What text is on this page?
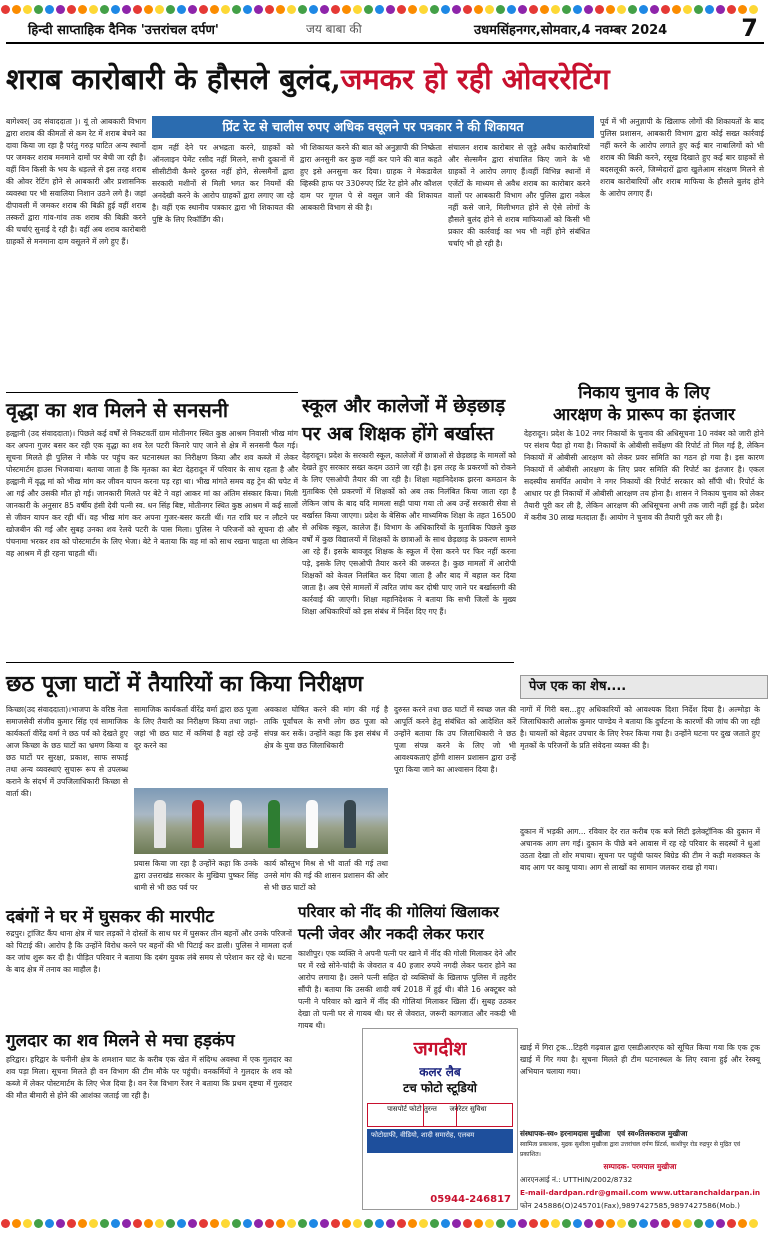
हिन्दी साप्ताहिक दैनिक 'उत्तरांचल दर्पण'	जय बाबा की	उधमसिंहनगर,सोमवार,4 नवम्बर 2024	7
शराब कारोबारी के हौसले बुलंद,जमकर हो रही ओवररेटिंग
प्रिंट रेट से चालीस रुपए अधिक वसूलने पर पत्रकार ने की शिकायत
बागेश्वर( उद संवाददाता )। यूं तो आबकारी विभाग द्वारा शराब की कीमतों से कम रेट में शराब बेचने का दावा किया जा रहा है परंतु गरुड़ घाटित अन्य स्थानों पर जमकर शराब मनमाने दामों पर बेची जा रही है।वहीं विन किसी के भय के धड़ल्ले से इस तरह शराब की ओवर रेटिंग होने से आबकारी और प्रशासनिक व्यवस्था पर भी सवालिया निशान उठने लगे है। जहां दीपावली में जमकर शराब की बिक्री हुई वहीं शराब तस्करों द्वारा गांव-गांव तक शराब की बिक्री करने की चर्चाएं सुनाई दे रही है। वहीं अब शराब कारोबारी ग्राहकों से मनमाना दाम वसूलने में लगे हुए हैं।
दाम नहीं देने पर अभद्रता करने, ग्राहकों को ऑनलाइन पेमेंट रसीद नहीं मिलने, सभी दुकानों में सीसीटीवी कैमरे दुरुस्त नहीं होने, सेल्समैनों द्वारा सरकारी मशीनों से मिली भगत कर नियमों की अनदेखी करने के आरोप ग्राहकों द्वारा लगाए जा रहे है। वहीं एक स्थानीय पत्रकार द्वारा भी शिकायत की पुष्टि के लिए रिकॉर्डिंग की।
भी शिकायत करने की बात को अनुज्ञापी की निष्क्रेता द्वारा अनसुनी कर कुछ नहीं कर पाने की बात कहते हुए इसे अनसुना कर दिया। ग्राहक ने मेकडावेल व्हिस्की हाफ पर 330रुपए प्रिंट रेट होने और कौशल दाम पर गूगल पे से वसूल जाने की शिकायत आबकारी विभाग से की है।
संचालन शराब कारोबार से जुड़े अवैध कारोबारियों और सेल्समैन द्वारा संचालित किए जाने के भी ग्राहकों ने आरोप लगाए हैं।वहीं विभिन्न स्थानों में एजेंटों के माध्यम से अवैध शराब का कारोबार करने वालों पर आबकारी विभाग और पुलिस द्वारा नकेल नहीं कसे जाने, मिलीभगत होने से ऐसे लोगों के हौसले बुलंद होने से शराब माफियाओं को किसी भी प्रकार की कार्रवाई का भय भी नहीं होने संबंधित चर्चाएं भी हो रही है।
पूर्व में भी अनुज्ञापी के खिलाफ लोगों की शिकायतों के बाद पुलिस प्रशासन, आबकारी विभाग द्वारा कोई सख्त कार्रवाई नहीं करने के आरोप लगाते हुए कई बार नाबालिगों को भी शराब की बिक्री करने, रसूख दिखाते हुए कई बार ग्राहकों से बदसलूकी करने, जिम्मेदारों द्वारा खुलेआम संरक्षण मिलने से शराब कारोबारियों और शराब माफिया के हौसले बुलंद होने के आरोप लगाए हैं।
वृद्धा का शव मिलने से सनसनी
हल्द्वानी (उद संवाददाता)। पिछले कई वर्षों से निकटवर्ती ग्राम मोतीनगर स्थित कुष्ठ आश्रम निवासी भीख मांग कर अपना गुजर बसर कर रही एक वृद्धा का शव रेल पटरी किनारे पाए जाने से क्षेत्र में सनसनी फैल गई। सूचना मिलते ही पुलिस ने मौके पर पहुंच कर घटनास्थल का निरीक्षण किया और शव कब्जे में लेकर पोस्टमार्टम हाउस भिजवाया। बताया जाता है कि मृतका का बेटा देहरादून में परिवार के साथ रहता है और हल्द्वानी में वृद्ध मां को भीख मांग कर जीवन यापन करना पड़ रहा था। भीख मांगते समय वह ट्रेन की चपेट में आ गई और उसकी मौत हो गई। जानकारी मिलते पर बेटे ने वहां आकर मां का अंतिम संस्कार किया। मिली जानकारी के अनुसार 85 वर्षीय हंसी देवी पत्नी स्व. धन सिंह बिष्ट, मोतीनगर स्थित कुष्ठ आश्रम में कई सालों से जीवन यापन कर रही थीं। वह भीख मांग कर अपना गुजर-बसर करती थीं। गत रात्रि घर न लौटने पर खोजबीन की गई और सुबह उनका शव रेलवे पटरी के पास मिला। पुलिस ने परिजनों को सूचना दी और पंचनामा भरकर शव को पोस्टमार्टम के लिए भेजा। बेटे ने बताया कि वह मां को साथ रखना चाहता था लेकिन वह आश्रम में ही रहना चाहती थीं।
स्कूल और कालेजों में छेड़छाड़
पर अब शिक्षक होंगे बर्खास्त
देहरादून। प्रदेश के सरकारी स्कूल, कालेजों में छात्राओं से छेड़छाड़ के मामलों को देखते हुए सरकार सख्त कदम उठाने जा रही है। इस तरह के प्रकरणों को रोकने के लिए एसओपी तैयार की जा रही है। शिक्षा महानिदेशक झरना कमठान के मुताबिक ऐसे प्रकरणों में शिक्षकों को अब तक निलंबित किया जाता रहा है लेकिन जांच के बाद यदि मामला सही पाया गया तो अब उन्हें सरकारी सेवा से बर्खास्त किया जाएगा। प्रदेश के बेसिक और माध्यमिक शिक्षा के तहत 16500 से अधिक स्कूल, कालेज हैं। विभाग के अधिकारियों के मुताबिक पिछले कुछ वर्षों में कुछ विद्यालयों में शिक्षकों के छात्राओं के साथ छेड़छाड़ के प्रकरण सामने आ रहे हैं। इसके बावजूद शिक्षक के स्कूल में ऐसा करने पर फिर नहीं करना पड़े, इसके लिए एसओपी तैयार करने की जरूरत है। कुछ मामलों में आरोपी शिक्षकों को केवल निलंबित कर दिया जाता है और बाद में बहाल कर दिया जाता है। अब ऐसे मामलों में त्वरित जांच कर दोषी पाए जाने पर बर्खास्तगी की कार्रवाई की जाएगी। शिक्षा महानिदेशक ने बताया कि सभी जिलों के मुख्य शिक्षा अधिकारियों को इस संबंध में निर्देश दिए गए हैं।
निकाय चुनाव के लिए
आरक्षण के प्रारूप का इंतजार
देहरादून। प्रदेश के 102 नगर निकायों के चुनाव की अधिसूचना 10 नवंबर को जारी होने पर संशय पैदा हो गया है। निकायों के ओबीसी सर्वेक्षण की रिपोर्ट तो मिल गई है, लेकिन निकायों में ओबीसी आरक्षण को लेकर प्रवर समिति का गठन हो गया है। इस कारण निकायों में ओबीसी आरक्षण के लिए प्रवर समिति की रिपोर्ट का इंतजार है। एकल सदस्यीय समर्पित आयोग ने नगर निकायों की रिपोर्ट सरकार को सौंपी थी। रिपोर्ट के आधार पर ही निकायों में ओबीसी आरक्षण तय होना है। शासन ने निकाय चुनाव को लेकर तैयारी पूरी कर ली है, लेकिन आरक्षण की अधिसूचना अभी तक जारी नहीं हुई है। प्रदेश में करीब 30 लाख मतदाता हैं। आयोग ने चुनाव की तैयारी पूरी कर ली है।
छठ पूजा घाटों में तैयारियों का किया निरीक्षण
किच्छा(उद संवाददाता)।भाजपा के वरिष्ठ नेता समाजसेवी संजीव कुमार सिंह एवं सामाजिक कार्यकर्ता वीरेंद्र वर्मा ने छठ पर्व को देखते हुए आज किच्छा के छठ घाटों का भ्रमण किया व छठ घाटों पर सुरक्षा, प्रकाश, साफ सफाई तथा अन्य व्यवस्थाएं सुचारू रूप से उपलब्ध कराने के संदर्भ में उपजिलाधिकारी किच्छा से वार्ता की।
सामाजिक कार्यकर्ता वीरेंद्र वर्मा द्वारा छठ पूजा के लिए तैयारी का निरीक्षण किया तथा जहां-जहां भी छठ घाट में कमियां है वहां रहे उन्हें दूर करने का
अवकाश घोषित करने की मांग की गई है ताकि पूर्वांचल के सभी लोग छठ पूजा को संपन्न कर सकें। उन्होंने कहा कि इस संबंध में क्षेत्र के युवा छठ जिलाधिकारी
दुरुस्त करने तथा छठ घाटों में स्वच्छ जल की आपूर्ति करने हेतु संबंधित को आदेशित करें उन्होंने बताया कि उप जिलाधिकारी ने छठ पूजा संपन्न करने के लिए जो भी आवश्यकताएं होंगी शासन प्रशासन द्वारा उन्हें पूरा किया जाने का आश्वासन दिया है।
प्रयास किया जा रहा है उन्होंने कहा कि उनके द्वारा उत्तराखंड सरकार के मुखिया पुष्कर सिंह धामी से भी छठ पर्व पर
कार्य कौस्तुभ मिश्र से भी वार्ता की गई तथा उनसे मांग की गई की शासन प्रशासन की ओर से भी छठ घाटों को
दबंगों ने घर में घुसकर की मारपीट
रुद्रपुर। ट्रांजिट कैंप थाना क्षेत्र में चार लड़कों ने दोस्तों के साथ घर में घुसकर तीन बहनों और उनके परिजनों को पिटाई की। आरोप है कि उन्होंने विरोध करने पर बहनों की भी पिटाई कर डाली। पुलिस ने मामला दर्ज कर जांच शुरू कर दी है। पीड़ित परिवार ने बताया कि दबंग युवक लंबे समय से परेशान कर रहे थे। घटना के बाद क्षेत्र में तनाव का माहौल है।
गुलदार का शव मिलने से मचा हड़कंप
हरिद्वार। हरिद्वार के चनीनी क्षेत्र के शमशान घाट के करीब एक खेत में संदिग्ध अवस्था में एक गुलदार का शव पड़ा मिला। सूचना मिलते ही वन विभाग की टीम मौके पर पहुंची। वनकर्मियों ने गुलदार के शव को कब्जे में लेकर पोस्टमार्टम के लिए भेज दिया है। वन रेंज विभाग रेंजर ने बताया कि प्रथम दृष्टया में गुलदार की मौत बीमारी से होने की आशंका जताई जा रही है।
परिवार को नींद की गोलियां खिलाकर
पत्नी जेवर और नकदी लेकर फरार
काशीपुर। एक व्यक्ति ने अपनी पत्नी पर खाने में नींद की गोली मिलाकर देने और घर में रखे सोने-चांदी के जेवरात व 40 हजार रुपये नगदी लेकर फरार होने का आरोप लगाया है। उसने पत्नी सहित दो व्यक्तियों के खिलाफ पुलिस में तहरीर सौंपी है। बताया कि उसकी शादी वर्ष 2018 में हुई थी। बीते 16 अक्टूबर को पत्नी ने परिवार को खाने में नींद की गोलियां मिलाकर खिला दीं। सुबह उठकर देखा तो पत्नी घर से गायब थी। घर से जेवरात, जरूरी कागजात और नकदी भी गायब थी।
जगदीश
कलर लैब
टच फोटो स्टूडियो
पासपोर्ट फोटो तुरन्त	जनरेटर सुविधा
फोटोग्राफी, वीडियो, शादी समारोह, एलबम
05944-246817
पेज एक का शेष....
नागों में गिरी बस...हुए अधिकारियों को आवश्यक दिशा निर्देश दिया है। अल्मोड़ा के जिलाधिकारी आलोक कुमार पाण्डेय ने बताया कि दुर्घटना के कारणों की जांच की जा रही है। घायलों को बेहतर उपचार के लिए रेफर किया गया है। उन्होंने घटना पर दुख जताते हुए मृतकों के परिजनों के प्रति संवेदना व्यक्त की है।
दुकान में भड़की आग... रविवार देर रात करीब एक बजे सिटी इलेक्ट्रॉनिक की दुकान में अचानक आग लग गई। दुकान के पीछे बने आवास में रह रहे परिवार के सदस्यों ने धुआं उठता देखा तो शोर मचाया। सूचना पर पहुंची फायर बिग्रेड की टीम ने कड़ी मशक्कत के बाद आग पर काबू पाया। आग से लाखों का सामान जलकर राख हो गया।
खाई में गिरा ट्रक...टिहरी गढ़वाल द्वारा एसडीआरएफ को सूचित किया गया कि एक ट्रक खाई में गिर गया है। सूचना मिलते ही टीम घटनास्थल के लिए रवाना हुई और रेस्क्यू अभियान चलाया गया।
संस्थापक-स्व० हरनामदास मुखीजा एवं स्व०तिलकराज मुखीजा
स्वामित्व प्रकाशक, मुद्रक सुशीला मुखीजा द्वारा उत्तरांचल दर्पण प्रिंटर्स, काशीपुर रोड रुद्रपुर से मुद्रित एवं प्रकाशित।
सम्पादक- परमपाल मुखीजा
आरएनआई नं.: UTTHIN/2002/8732
E-mail-dardpan.rdr@gmail.com www.uttaranchaldarpan.in
फोन 245886(O)245701(Fax),9897427585,9897427586(Mob.)
